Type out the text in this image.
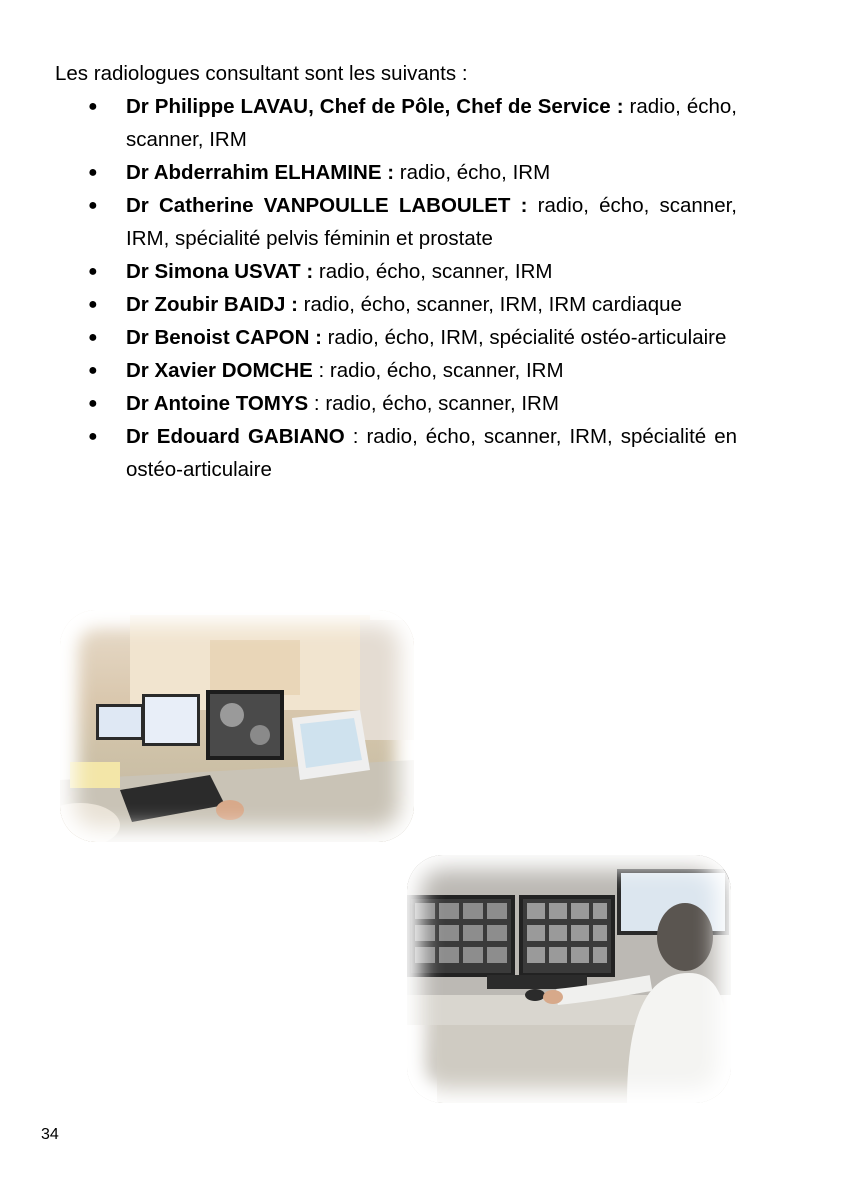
Les radiologues consultant sont les suivants :

● Dr Philippe LAVAU, Chef de Pôle, Chef de Service : radio, écho, scanner, IRM
● Dr Abderrahim ELHAMINE : radio, écho, IRM
● Dr Catherine VANPOULLE LABOULET : radio, écho, scanner, IRM, spécialité pelvis féminin et prostate
● Dr Simona USVAT : radio, écho, scanner, IRM
● Dr Zoubir BAIDJ : radio, écho, scanner, IRM, IRM cardiaque
● Dr Benoist CAPON : radio, écho, IRM, spécialité ostéo-articulaire
● Dr Xavier DOMCHE : radio, écho, scanner, IRM
● Dr Antoine TOMYS : radio, écho, scanner, IRM
● Dr Edouard GABIANO : radio, écho, scanner, IRM, spécialité en ostéo-articulaire
34
